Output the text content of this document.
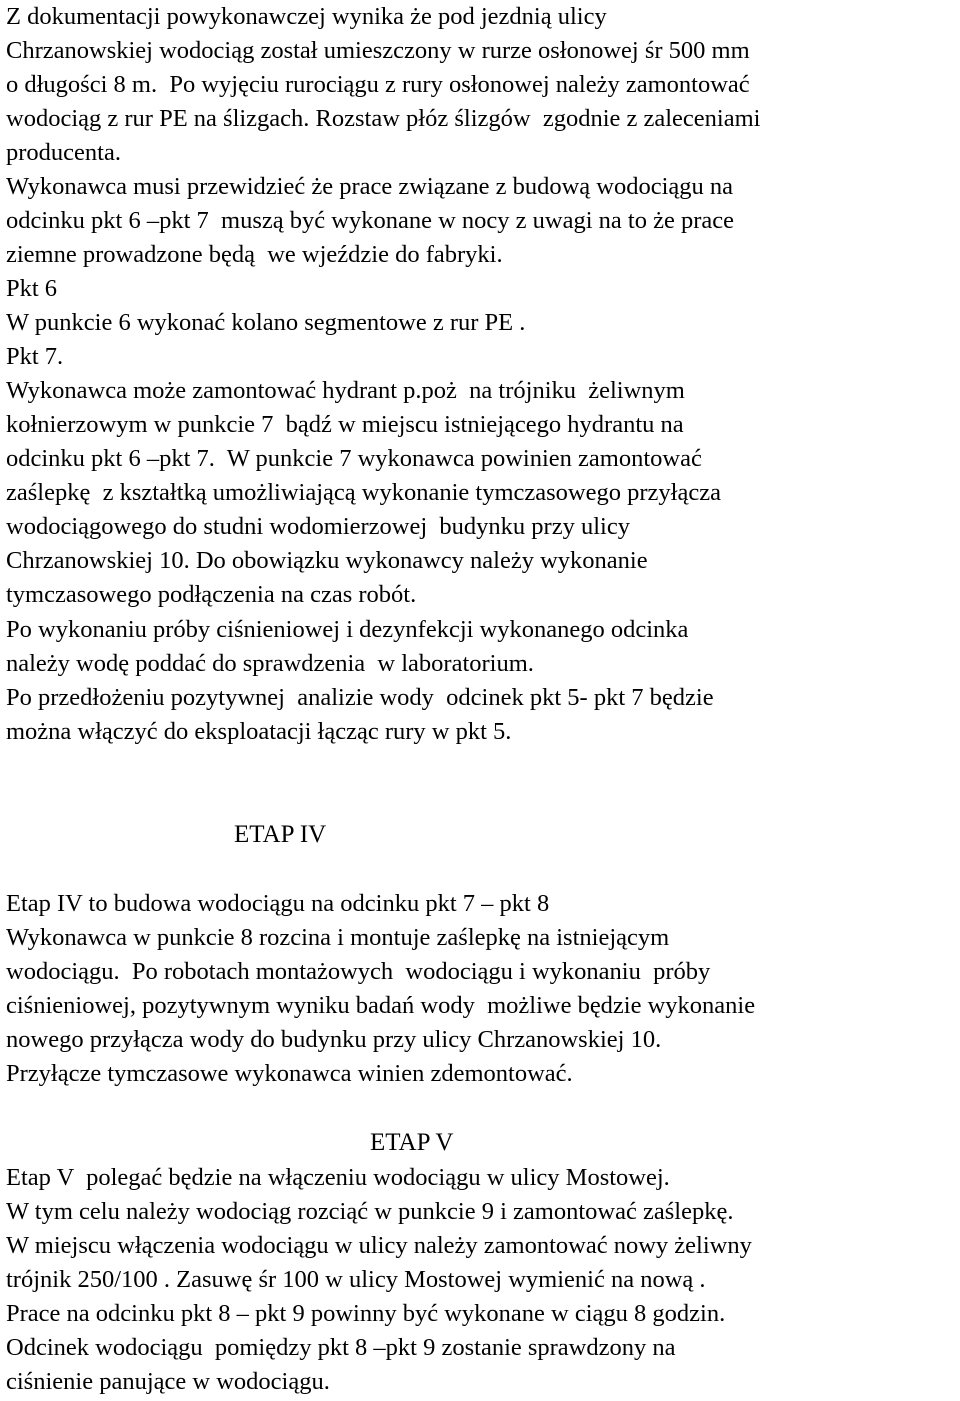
Z dokumentacji powykonawczej wynika że pod jezdnią ulicy
Chrzanowskiej wodociąg został umieszczony w rurze osłonowej śr 500 mm
o długości 8 m.  Po wyjęciu rurociągu z rury osłonowej należy zamontować
wodociąg z rur PE na ślizgach. Rozstaw płóz ślizgów  zgodnie z zaleceniami
producenta.
Wykonawca musi przewidzieć że prace związane z budową wodociągu na
odcinku pkt 6 –pkt 7  muszą być wykonane w nocy z uwagi na to że prace
ziemne prowadzone będą  we wjeździe do fabryki.
Pkt 6
W punkcie 6 wykonać kolano segmentowe z rur PE .
Pkt 7.
Wykonawca może zamontować hydrant p.poż  na trójniku  żeliwnym
kołnierzowym w punkcie 7  bądź w miejscu istniejącego hydrantu na
odcinku pkt 6 –pkt 7.  W punkcie 7 wykonawca powinien zamontować
zaślepkę  z kształtką umożliwiającą wykonanie tymczasowego przyłącza
wodociągowego do studni wodomierzowej  budynku przy ulicy
Chrzanowskiej 10. Do obowiązku wykonawcy należy wykonanie
tymczasowego podłączenia na czas robót.
Po wykonaniu próby ciśnieniowej i dezynfekcji wykonanego odcinka
należy wodę poddać do sprawdzenia  w laboratorium.
Po przedłożeniu pozytywnej  analizie wody  odcinek pkt 5- pkt 7 będzie
można włączyć do eksploatacji łącząc rury w pkt 5.
ETAP IV
Etap IV to budowa wodociągu na odcinku pkt 7 – pkt 8
Wykonawca w punkcie 8 rozcina i montuje zaślepkę na istniejącym
wodociągu.  Po robotach montażowych  wodociągu i wykonaniu  próby
ciśnieniowej, pozytywnym wyniku badań wody  możliwe będzie wykonanie
nowego przyłącza wody do budynku przy ulicy Chrzanowskiej 10.
Przyłącze tymczasowe wykonawca winien zdemontować.
ETAP V
Etap V  polegać będzie na włączeniu wodociągu w ulicy Mostowej.
W tym celu należy wodociąg rozciąć w punkcie 9 i zamontować zaślepkę.
W miejscu włączenia wodociągu w ulicy należy zamontować nowy żeliwny
trójnik 250/100 . Zasuwę śr 100 w ulicy Mostowej wymienić na nową .
Prace na odcinku pkt 8 – pkt 9 powinny być wykonane w ciągu 8 godzin.
Odcinek wodociągu  pomiędzy pkt 8 –pkt 9 zostanie sprawdzony na
ciśnienie panujące w wodociągu.
